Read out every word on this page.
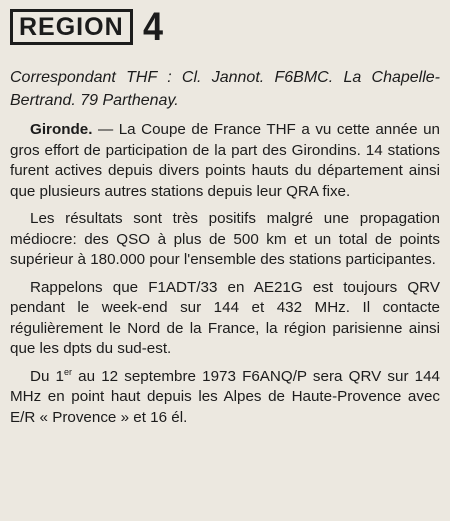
REGION 4
Correspondant THF : Cl. Jannot. F6BMC. La Chapelle-Bertrand. 79 Parthenay.

Gironde. — La Coupe de France THF a vu cette année un gros effort de participation de la part des Girondins. 14 stations furent actives depuis divers points hauts du département ainsi que plusieurs autres stations depuis leur QRA fixe.

Les résultats sont très positifs malgré une propagation médiocre: des QSO à plus de 500 km et un total de points supérieur à 180.000 pour l'ensemble des stations participantes.

Rappelons que F1ADT/33 en AE21G est toujours QRV pendant le week-end sur 144 et 432 MHz. Il contacte régulièrement le Nord de la France, la région parisienne ainsi que les dpts du sud-est.

Du 1er au 12 septembre 1973 F6ANQ/P sera QRV sur 144 MHz en point haut depuis les Alpes de Haute-Provence avec E/R « Provence » et 16 él.
